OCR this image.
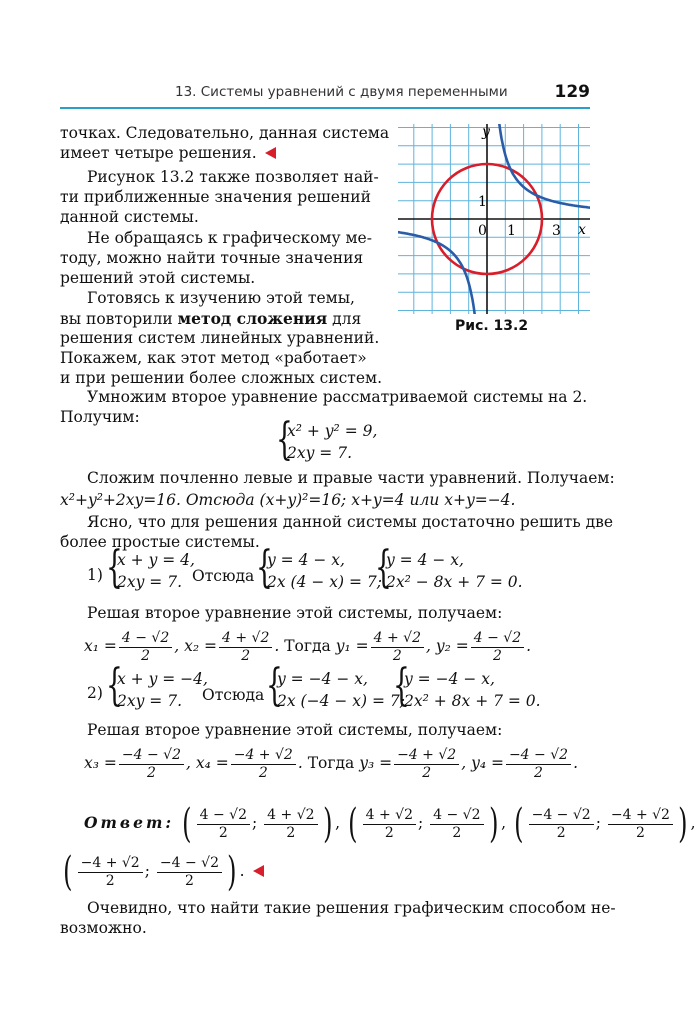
13. Системы уравнений с двумя переменными	129
y
x
0 1	3
1
Рис. 13.2
точках. Следовательно, данная система
имеет четыре решения.
Рисунок 13.2 также позволяет най-
ти приближенные значения решений
данной системы.
Не обращаясь к графическому ме-
тоду, можно найти точные значения
решений этой системы.
Готовясь к изучению этой темы,
вы повторили метод сложения для
решения систем линейных уравнений.
Покажем, как этот метод «работает»
и при решении более сложных систем.
Умножим второе уравнение рассматриваемой системы на 2.
Получим:	{
x² + y² = 9,
2xy = 7.
Сложим почленно левые и правые части уравнений. Получаем:
x²+y²+2xy=16. Отсюда (x+y)²=16; x+y=4 или x+y=−4.
Ясно, что для решения данной системы достаточно решить две
более простые системы.
1) {
x + y = 4,
2xy = 7. Отсюда {
y = 4 − x,
2x (4 − x) = 7;
{
y = 4 − x,
2x² − 8x + 7 = 0.
Решая второе уравнение этой системы, получаем:
$x_1 = \frac{4 - √2}{2}$ , $x_2 = \frac{4 + √2}{2}$ . Тогда $y_1 = \frac{4 + √2}{2}$ , $y_2 = \frac{4 - √2}{2}$ .
2) {
x + y = −4,
2xy = 7.	Отсюда {
y = −4 − x,
2x (−4 − x) = 7;
{
y = −4 − x,
2x² + 8x + 7 = 0.
Решая второе уравнение этой системы, получаем:
$x_3 = \frac{-4 - √2}{2}$ , $x_4 = \frac{-4 + √2}{2}$ . Тогда $y_3 = \frac{-4 + √2}{2}$ , $y_4 = \frac{-4 - √2}{2}$ .
Ответ: ( $\frac{4 - √2}{2}$ ; $\frac{4 + √2}{2}$ ) , ( $\frac{4 + √2}{2}$ ; $\frac{4 - √2}{2}$ ) , ( $\frac{-4 - √2}{2}$ ; $\frac{-4 + √2}{2}$ ) ,
( $\frac{-4 + √2}{2}$ ; $\frac{-4 - √2}{2}$ ) .
Очевидно, что найти такие решения графическим способом не-
возможно.
